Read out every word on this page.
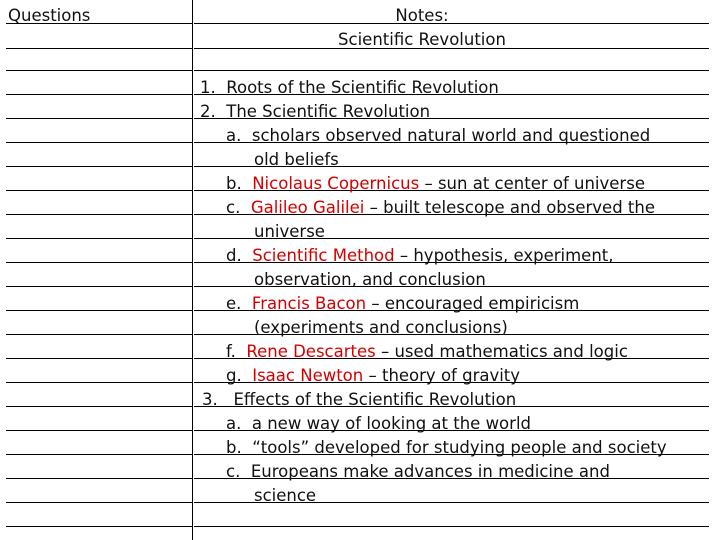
Questions	Notes:
Scientific Revolution
1. Roots of the Scientific Revolution
2. The Scientific Revolution
a. scholars observed natural world and questioned
old beliefs
b. Nicolaus Copernicus – sun at center of universe
c. Galileo Galilei – built telescope and observed the
universe
d. Scientific Method – hypothesis, experiment,
observation, and conclusion
e. Francis Bacon – encouraged empiricism
(experiments and conclusions)
f. Rene Descartes – used mathematics and logic
g. Isaac Newton – theory of gravity
3. Effects of the Scientific Revolution
a. a new way of looking at the world
b. “tools” developed for studying people and society
c. Europeans make advances in medicine and
science
